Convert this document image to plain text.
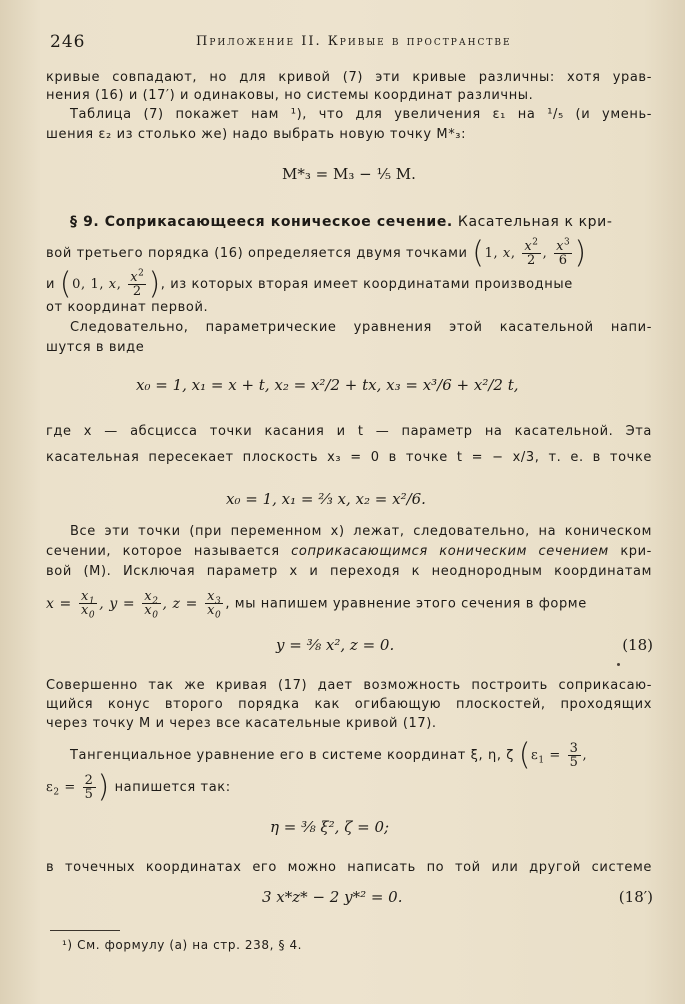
246	Приложение II. Кривые в пространстве
кривые совпадают, но для кривой (7) эти кривые различны: хотя урав-
нения (16) и (17′) и одинаковы, но системы координат различны.
Таблица (7) покажет нам ¹), что для увеличения ε₁ на ¹/₅ (и умень-
шения ε₂ из столько же) надо выбрать новую точку M*₃:
M*₃ = M₃ − ⅕ M.
§ 9. Соприкасающееся коническое сечение. Касательная к кри-
вой третьего порядка (16) определяется двумя точками (1, x, $\frac{x^2}{2}$ , $\frac{x^3}{6}$ )
и (0, 1, x, $\frac{x^2}{2}$ ), из которых вторая имеет координатами производные
от координат первой.
Следовательно, параметрические уравнения этой касательной напи-
шутся в виде
x₀ = 1, x₁ = x + t, x₂ = x²/2 + tx, x₃ = x³/6 + x²/2 t,
где x — абсцисса точки касания и t — параметр на касательной. Эта
касательная пересекает плоскость x₃ = 0 в точке t = − x/3, т. е. в точке
x₀ = 1, x₁ = ⅔ x, x₂ = x²/6.
Все эти точки (при переменном x) лежат, следовательно, на коническом
сечении, которое называется соприкасающимся коническим сечением кри-
вой (M). Исключая параметр x и переходя к неоднородным координатам
$x = \frac{x_1}{x_0}$ , $y = \frac{x_2}{x_0}$ , $z = \frac{x_3}{x_0}$ , мы напишем уравнение этого сечения в форме
y = ⅜ x², z = 0.	(18)
Совершенно так же кривая (17) дает возможность построить соприкасаю-
щийся конус второго порядка как огибающую плоскостей, проходящих
через точку M и через все касательные кривой (17).
Тангенциальное уравнение его в системе координат ξ, η, ζ ($\varepsilon_1 = \frac{3}{5}$ ,
$\varepsilon_2 = \frac{2}{5}$ ) напишется так:
η = ⅜ ξ², ζ = 0;
в точечных координатах его можно написать по той или другой системе
3 x*z* − 2 y*² = 0.	(18′)
¹) См. формулу (a) на стр. 238, § 4.
